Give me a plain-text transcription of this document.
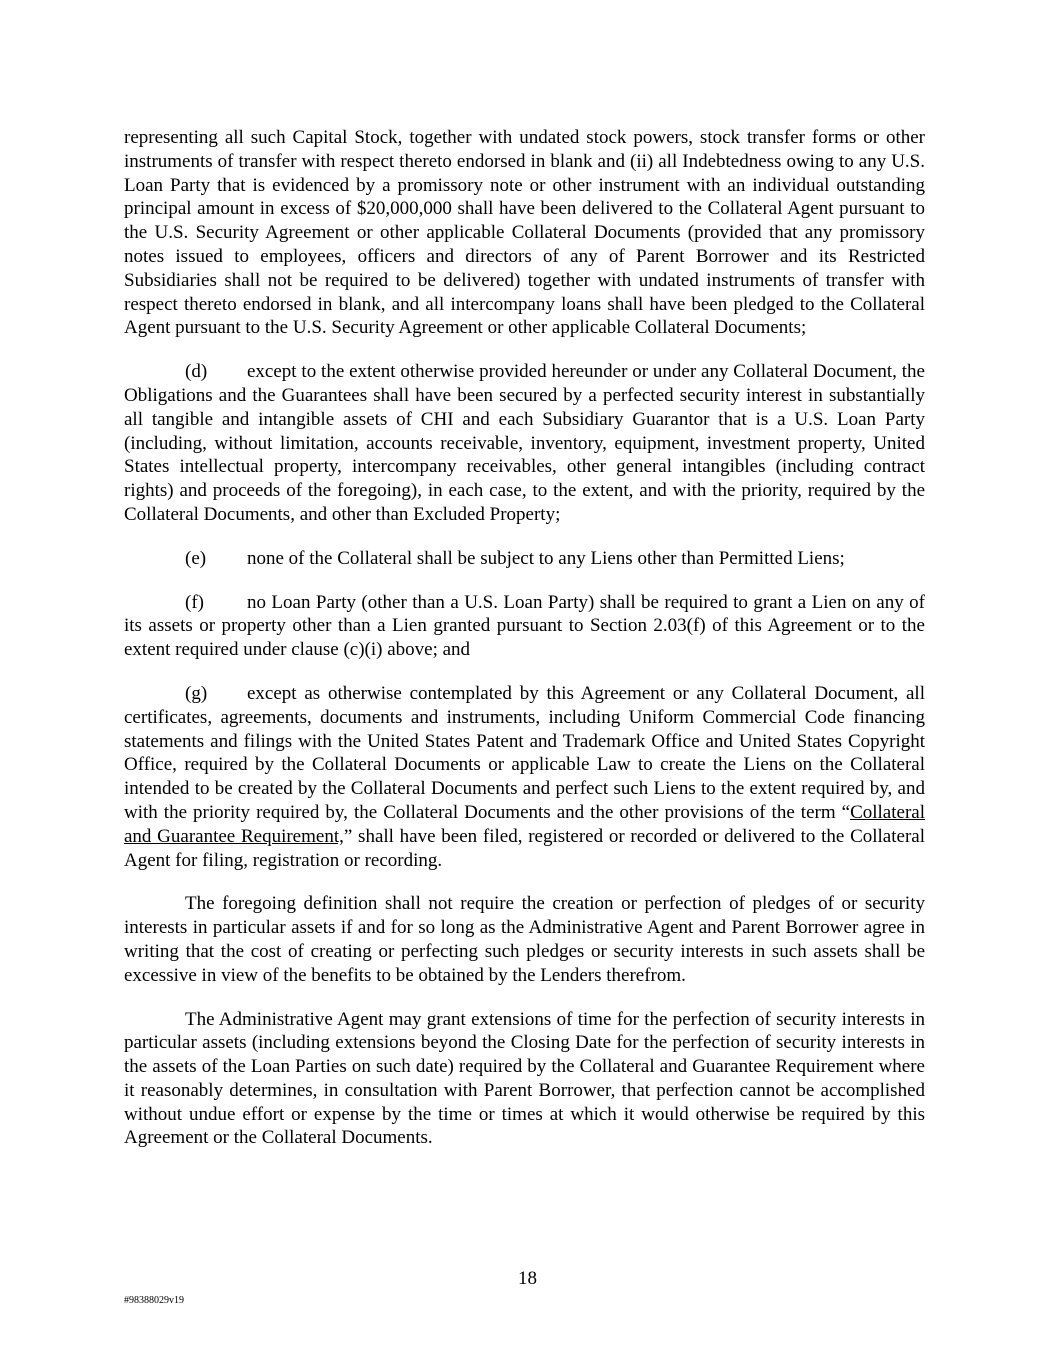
representing all such Capital Stock, together with undated stock powers, stock transfer forms or other instruments of transfer with respect thereto endorsed in blank and (ii) all Indebtedness owing to any U.S. Loan Party that is evidenced by a promissory note or other instrument with an individual outstanding principal amount in excess of $20,000,000 shall have been delivered to the Collateral Agent pursuant to the U.S. Security Agreement or other applicable Collateral Documents (provided that any promissory notes issued to employees, officers and directors of any of Parent Borrower and its Restricted Subsidiaries shall not be required to be delivered) together with undated instruments of transfer with respect thereto endorsed in blank, and all intercompany loans shall have been pledged to the Collateral Agent pursuant to the U.S. Security Agreement or other applicable Collateral Documents;

(d) except to the extent otherwise provided hereunder or under any Collateral Document, the Obligations and the Guarantees shall have been secured by a perfected security interest in substantially all tangible and intangible assets of CHI and each Subsidiary Guarantor that is a U.S. Loan Party (including, without limitation, accounts receivable, inventory, equipment, investment property, United States intellectual property, intercompany receivables, other general intangibles (including contract rights) and proceeds of the foregoing), in each case, to the extent, and with the priority, required by the Collateral Documents, and other than Excluded Property;

(e) none of the Collateral shall be subject to any Liens other than Permitted Liens;

(f) no Loan Party (other than a U.S. Loan Party) shall be required to grant a Lien on any of its assets or property other than a Lien granted pursuant to Section 2.03(f) of this Agreement or to the extent required under clause (c)(i) above; and

(g) except as otherwise contemplated by this Agreement or any Collateral Document, all certificates, agreements, documents and instruments, including Uniform Commercial Code financing statements and filings with the United States Patent and Trademark Office and United States Copyright Office, required by the Collateral Documents or applicable Law to create the Liens on the Collateral intended to be created by the Collateral Documents and perfect such Liens to the extent required by, and with the priority required by, the Collateral Documents and the other provisions of the term “Collateral and Guarantee Requirement,” shall have been filed, registered or recorded or delivered to the Collateral Agent for filing, registration or recording.

The foregoing definition shall not require the creation or perfection of pledges of or security interests in particular assets if and for so long as the Administrative Agent and Parent Borrower agree in writing that the cost of creating or perfecting such pledges or security interests in such assets shall be excessive in view of the benefits to be obtained by the Lenders therefrom.

The Administrative Agent may grant extensions of time for the perfection of security interests in particular assets (including extensions beyond the Closing Date for the perfection of security interests in the assets of the Loan Parties on such date) required by the Collateral and Guarantee Requirement where it reasonably determines, in consultation with Parent Borrower, that perfection cannot be accomplished without undue effort or expense by the time or times at which it would otherwise be required by this Agreement or the Collateral Documents.

18
#98388029v19
